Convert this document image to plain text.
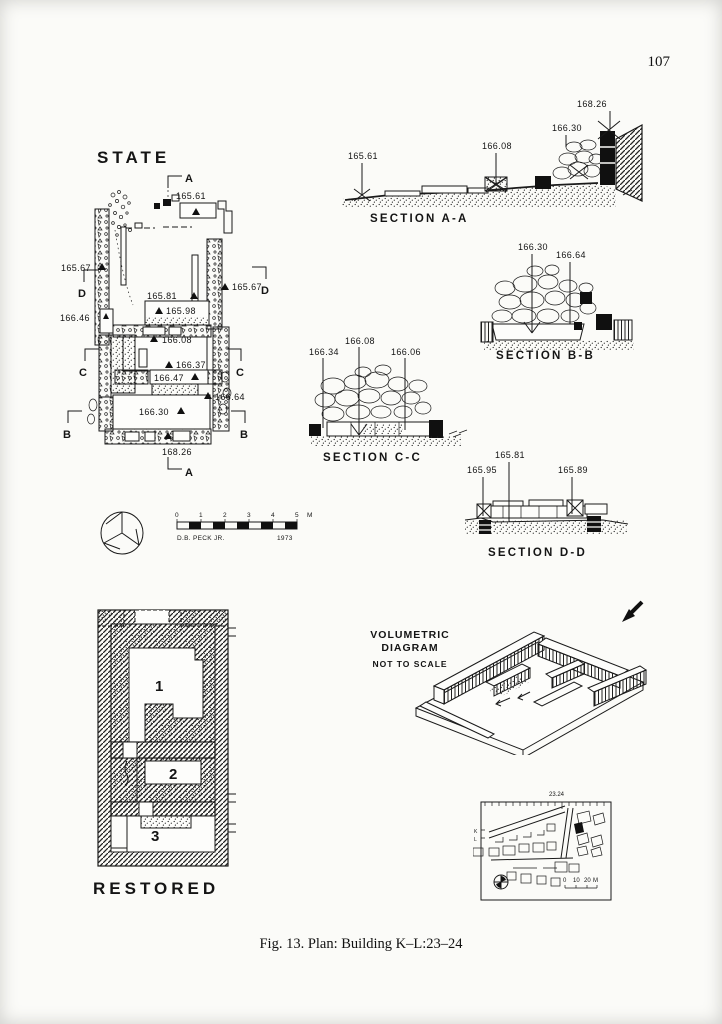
107
STATE
A
D	D
C	C
B	B
A
165.61
165.67
165.67
165.81
165.98
166.46
166.08
166.37
166.47
166.64
166.30
168.26
165.61
166.08
166.30
168.26
SECTION A-A
166.30
166.64
SECTION B-B
166.34
166.08
166.06
SECTION C-C	165.81
165.95	165.89
SECTION D-D
0	1	2	3	4	5 M
D.B. PECK JR.	1973
1
2
3
RESTORED
VOLUMETRIC
DIAGRAM
NOT TO SCALE
23.24
K
L
0 10 20 M
Fig. 13. Plan: Building K–L:23–24
